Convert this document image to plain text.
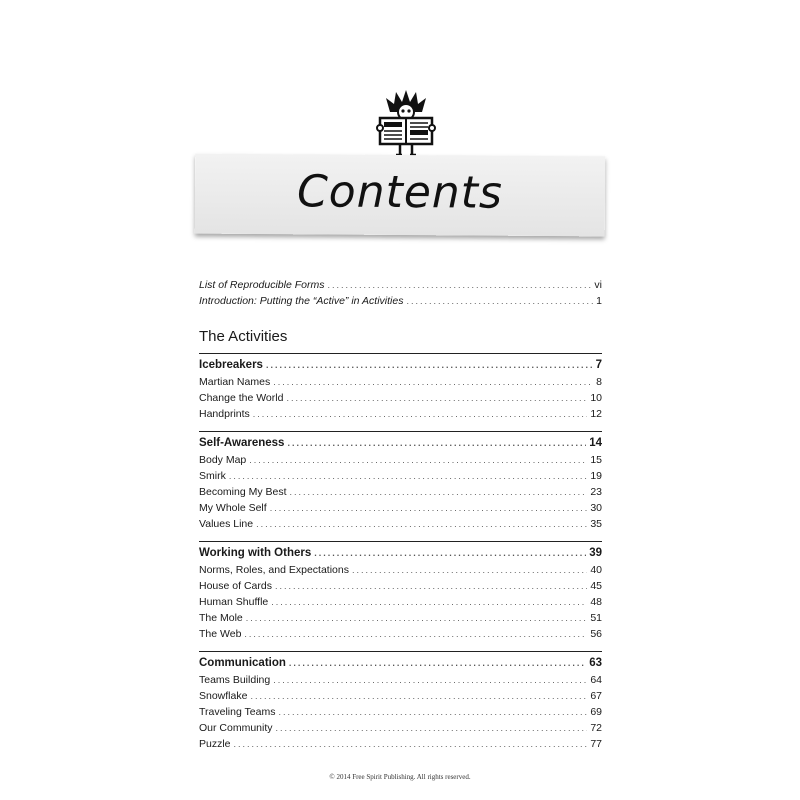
Contents
List of Reproducible Forms .....	vi
Introduction: Putting the “Active” in Activities .....	1
The Activities
Icebreakers .....	7
Martian Names .....	8
Change the World .....	10
Handprints .....	12
Self-Awareness .....	14
Body Map .....	15
Smirk .....	19
Becoming My Best .....	23
My Whole Self .....	30
Values Line .....	35
Working with Others .....	39
Norms, Roles, and Expectations .....	40
House of Cards .....	45
Human Shuffle .....	48
The Mole .....	51
The Web .....	56
Communication .....	63
Teams Building .....	64
Snowflake .....	67
Traveling Teams .....	69
Our Community .....	72
Puzzle .....	77
© 2014 Free Spirit Publishing. All rights reserved.
